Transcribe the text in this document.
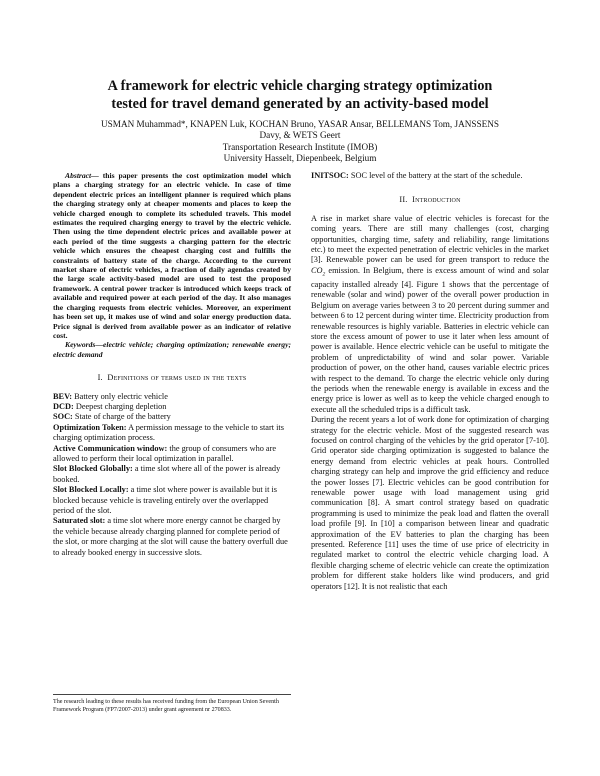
A framework for electric vehicle charging strategy optimization
tested for travel demand generated by an activity-based model
USMAN Muhammad*, KNAPEN Luk, KOCHAN Bruno, YASAR Ansar, BELLEMANS Tom, JANSSENS
Davy, & WETS Geert
Transportation Research Institute (IMOB)
University Hasselt, Diepenbeek, Belgium

Abstract— this paper presents the cost optimization model which plans a charging strategy for an electric vehicle. In case of time dependent electric prices an intelligent planner is required which plans the charging strategy only at cheaper moments and places to keep the vehicle charged enough to complete its scheduled travels. This model estimates the required charging energy to travel by the electric vehicle. Then using the time dependent electric prices and available power at each period of the time suggests a charging pattern for the electric vehicle which ensures the cheapest charging cost and fulfills the constraints of battery state of the charge. According to the current market share of electric vehicles, a fraction of daily agendas created by the large scale activity-based model are used to test the proposed framework. A central power tracker is introduced which keeps track of available and required power at each period of the day. It also manages the charging requests from electric vehicles. Moreover, an experiment has been set up, it makes use of wind and solar energy production data. Price signal is derived from available power as an indicator of relative cost.

Keywords—electric vehicle; charging optimization; renewable energy; electric demand

I. Definitions of terms used in the texts

BEV: Battery only electric vehicle

DCD: Deepest charging depletion

SOC: State of charge of the battery

Optimization Token: A permission message to the vehicle to start its charging optimization process.

Active Communication window: the group of consumers who are allowed to perform their local optimization in parallel.

Slot Blocked Globally: a time slot where all of the power is already booked.

Slot Blocked Locally: a time slot where power is available but it is blocked because vehicle is traveling entirely over the overlapped period of the slot.

Saturated slot: a time slot where more energy cannot be charged by the vehicle because already charging planned for complete period of the slot, or more charging at the slot will cause the battery overfull due to already booked energy in successive slots.

INITSOC: SOC level of the battery at the start of the schedule.

II. Introduction

A rise in market share value of electric vehicles is forecast for the coming years. There are still many challenges (cost, charging opportunities, charging time, safety and reliability, range limitations etc.) to meet the expected penetration of electric vehicles in the market [3]. Renewable power can be used for green transport to reduce the $CO_2$ emission. In Belgium, there is excess amount of wind and solar capacity installed already [4]. Figure 1 shows that the percentage of renewable (solar and wind) power of the overall power production in Belgium on average varies between 3 to 20 percent during summer and between 6 to 12 percent during winter time. Electricity production from renewable resources is highly variable. Batteries in electric vehicle can store the excess amount of power to use it later when less amount of power is available. Hence electric vehicle can be useful to mitigate the problem of unpredictability of wind and solar power. Variable production of power, on the other hand, causes variable electric prices with respect to the demand. To charge the electric vehicle only during the periods when the renewable energy is available in excess and the energy price is lower as well as to keep the vehicle charged enough to execute all the scheduled trips is a difficult task.

During the recent years a lot of work done for optimization of charging strategy for the electric vehicle. Most of the suggested research was focused on control charging of the vehicles by the grid operator [7-10]. Grid operator side charging optimization is suggested to balance the energy demand from electric vehicles at peak hours. Controlled charging strategy can help and improve the grid efficiency and reduce the power losses [7]. Electric vehicles can be good contribution for renewable power usage with load management using grid communication [8]. A smart control strategy based on quadratic programming is used to minimize the peak load and flatten the overall load profile [9]. In [10] a comparison between linear and quadratic approximation of the EV batteries to plan the charging has been presented. Reference [11] uses the time of use price of electricity in regulated market to control the electric vehicle charging load. A flexible charging scheme of electric vehicle can create the optimization problem for different stake holders like wind producers, and grid operators [12]. It is not realistic that each

The research leading to these results has received funding from the European Union Seventh Framework Program (FP7/2007-2013) under grant agreement nr 270833.
